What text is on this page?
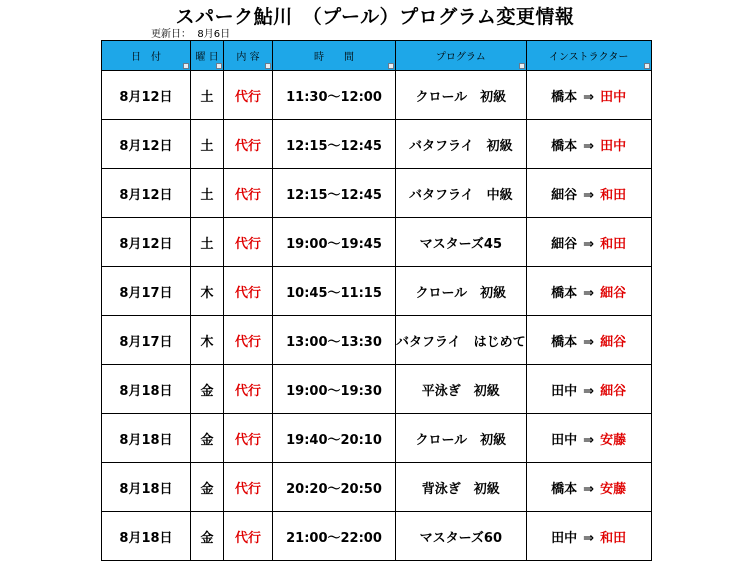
スパーク鮎川　（プール）プログラム変更情報
更新日： 8月6日
日　付	曜 日	内 容	時　　間	プログラム	インストラクター

8月12日	土	代行	11:30～12:00	クロール　初級	橋本 ⇒ 田中
8月12日	土	代行	12:15～12:45	バタフライ　初級	橋本 ⇒ 田中
8月12日	土	代行	12:15～12:45	バタフライ　中級	細谷 ⇒ 和田
8月12日	土	代行	19:00～19:45	マスターズ45	細谷 ⇒ 和田
8月17日	木	代行	10:45～11:15	クロール　初級	橋本 ⇒ 細谷
8月17日	木	代行	13:00～13:30	バタフライ　はじめて	橋本 ⇒ 細谷
8月18日	金	代行	19:00～19:30	平泳ぎ　初級	田中 ⇒ 細谷
8月18日	金	代行	19:40～20:10	クロール　初級	田中 ⇒ 安藤
8月18日	金	代行	20:20～20:50	背泳ぎ　初級	橋本 ⇒ 安藤
8月18日	金	代行	21:00～22:00	マスターズ60	田中 ⇒ 和田
